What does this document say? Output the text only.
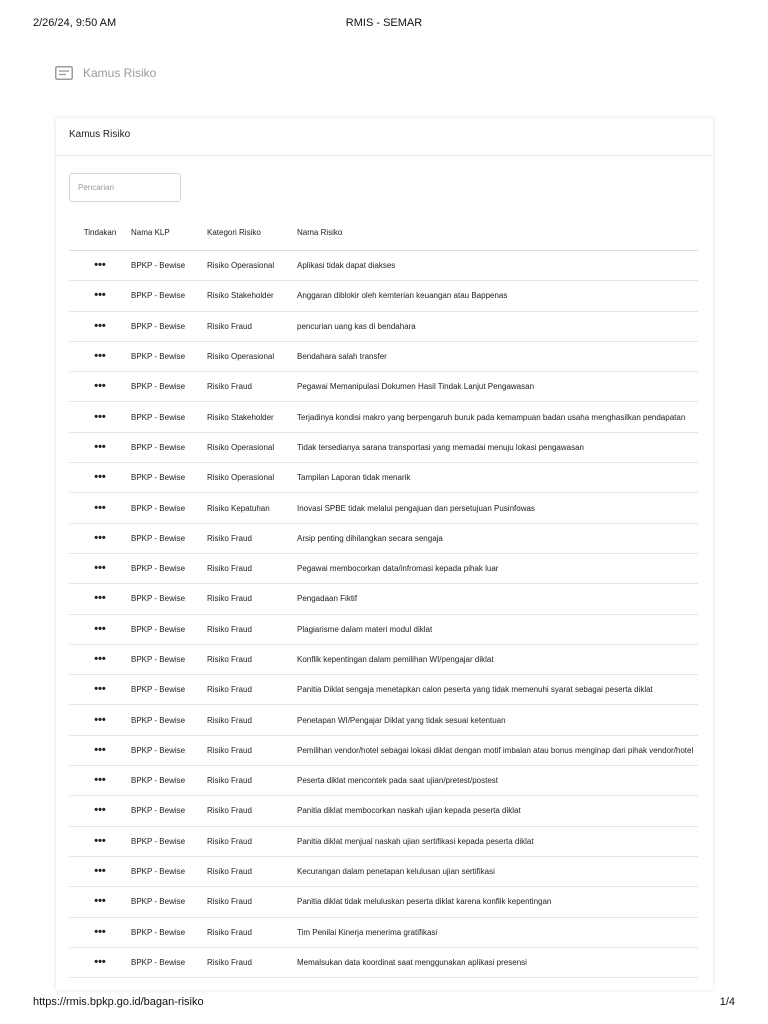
2/26/24, 9:50 AM	RMIS - SEMAR
Kamus Risiko
Kamus Risiko
Pencarian
Tindakan	Nama KLP	Kategori Risiko	Nama Risiko
•••	BPKP - Bewise	Risiko Operasional	Aplikasi tidak dapat diakses
•••	BPKP - Bewise	Risiko Stakeholder	Anggaran diblokir oleh kemterian keuangan atau Bappenas
•••	BPKP - Bewise	Risiko Fraud	pencurian uang kas di bendahara
•••	BPKP - Bewise	Risiko Operasional	Bendahara salah transfer
•••	BPKP - Bewise	Risiko Fraud	Pegawai Memanipulasi Dokumen Hasil Tindak Lanjut Pengawasan
•••	BPKP - Bewise	Risiko Stakeholder	Terjadinya kondisi makro yang berpengaruh buruk pada kemampuan badan usaha menghasilkan pendapatan
•••	BPKP - Bewise	Risiko Operasional	Tidak tersedianya sarana transportasi yang memadai menuju lokasi pengawasan
•••	BPKP - Bewise	Risiko Operasional	Tampilan Laporan tidak menarik
•••	BPKP - Bewise	Risiko Kepatuhan	Inovasi SPBE tidak melalui pengajuan dan persetujuan Pusinfowas
•••	BPKP - Bewise	Risiko Fraud	Arsip penting dihilangkan secara sengaja
•••	BPKP - Bewise	Risiko Fraud	Pegawai membocorkan data/infromasi kepada pihak luar
•••	BPKP - Bewise	Risiko Fraud	Pengadaan Fiktif
•••	BPKP - Bewise	Risiko Fraud	Plagiarisme dalam materi modul diklat
•••	BPKP - Bewise	Risiko Fraud	Konflik kepentingan dalam pemilihan WI/pengajar diklat
•••	BPKP - Bewise	Risiko Fraud	Panitia Diklat sengaja menetapkan calon peserta yang tidak memenuhi syarat sebagai peserta diklat
•••	BPKP - Bewise	Risiko Fraud	Penetapan WI/Pengajar Diklat yang tidak sesuai ketentuan
•••	BPKP - Bewise	Risiko Fraud	Pemilihan vendor/hotel sebagai lokasi diklat dengan motif imbalan atau bonus menginap dari pihak vendor/hotel
•••	BPKP - Bewise	Risiko Fraud	Peserta diklat mencontek pada saat ujian/pretest/postest
•••	BPKP - Bewise	Risiko Fraud	Panitia diklat membocorkan naskah ujian kepada peserta diklat
•••	BPKP - Bewise	Risiko Fraud	Panitia diklat menjual naskah ujian sertifikasi kepada peserta diklat
•••	BPKP - Bewise	Risiko Fraud	Kecurangan dalam penetapan kelulusan ujian sertifikasi
•••	BPKP - Bewise	Risiko Fraud	Panitia diklat tidak meluluskan peserta diklat karena konflik kepentingan
•••	BPKP - Bewise	Risiko Fraud	Tim Penilai Kinerja menerima gratifikasi
•••	BPKP - Bewise	Risiko Fraud	Memalsukan data koordinat saat menggunakan aplikasi presensi
https://rmis.bpkp.go.id/bagan-risiko	1/4
